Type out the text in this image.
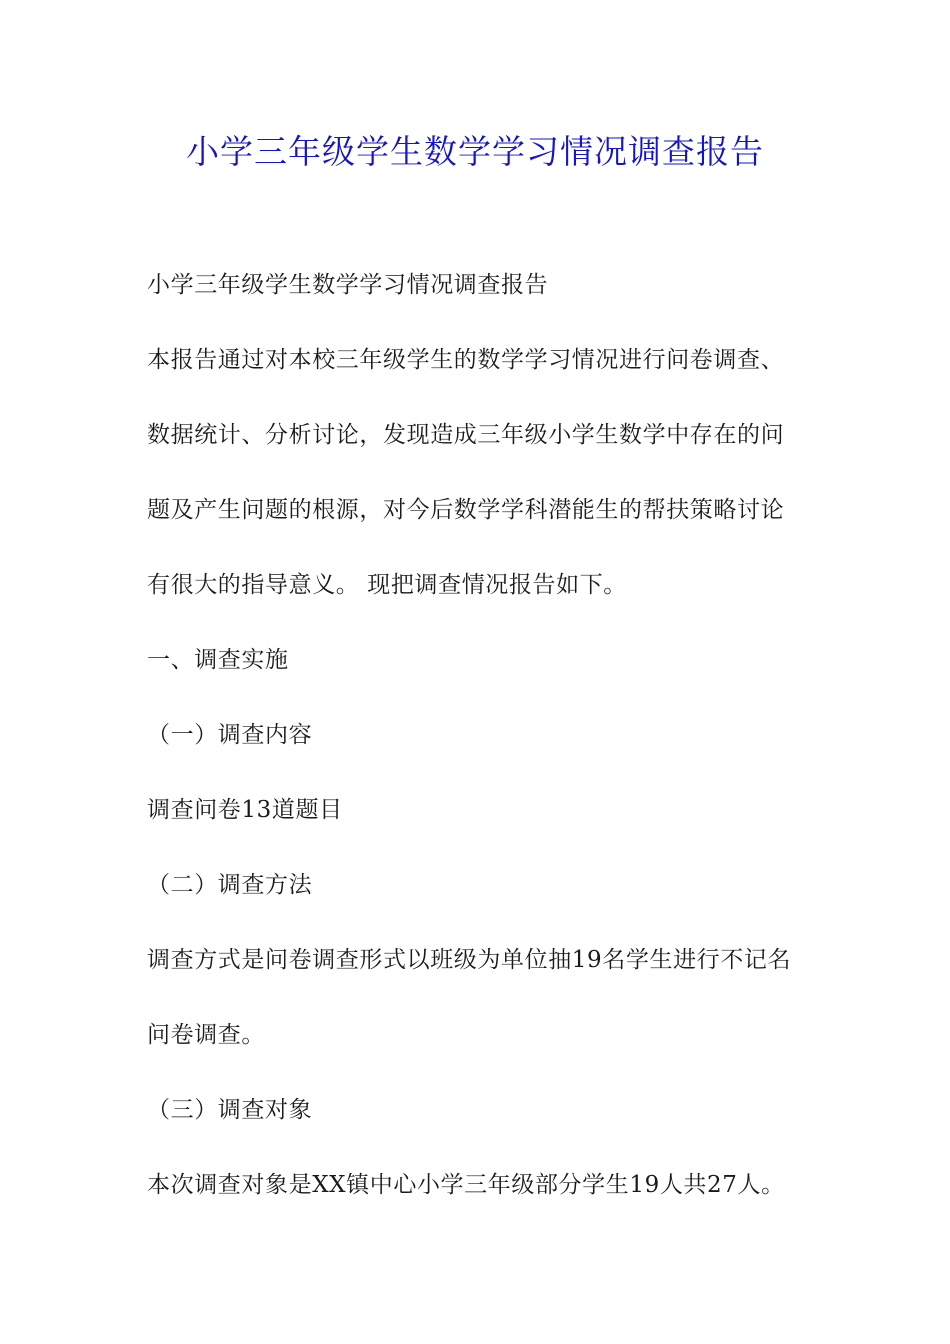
小学三年级学生数学学习情况调查报告

小学三年级学生数学学习情况调查报告

本报告通过对本校三年级学生的数学学习情况进行问卷调查、

数据统计、分析讨论，发现造成三年级小学生数学中存在的问

题及产生问题的根源，对今后数学学科潜能生的帮扶策略讨论

有很大的指导意义。 现把调查情况报告如下。

一、调查实施

（一）调查内容

调查问卷13道题目

（二）调查方法

调查方式是问卷调查形式以班级为单位抽19名学生进行不记名

问卷调查。

（三）调查对象

本次调查对象是XX镇中心小学三年级部分学生19人共27人。
